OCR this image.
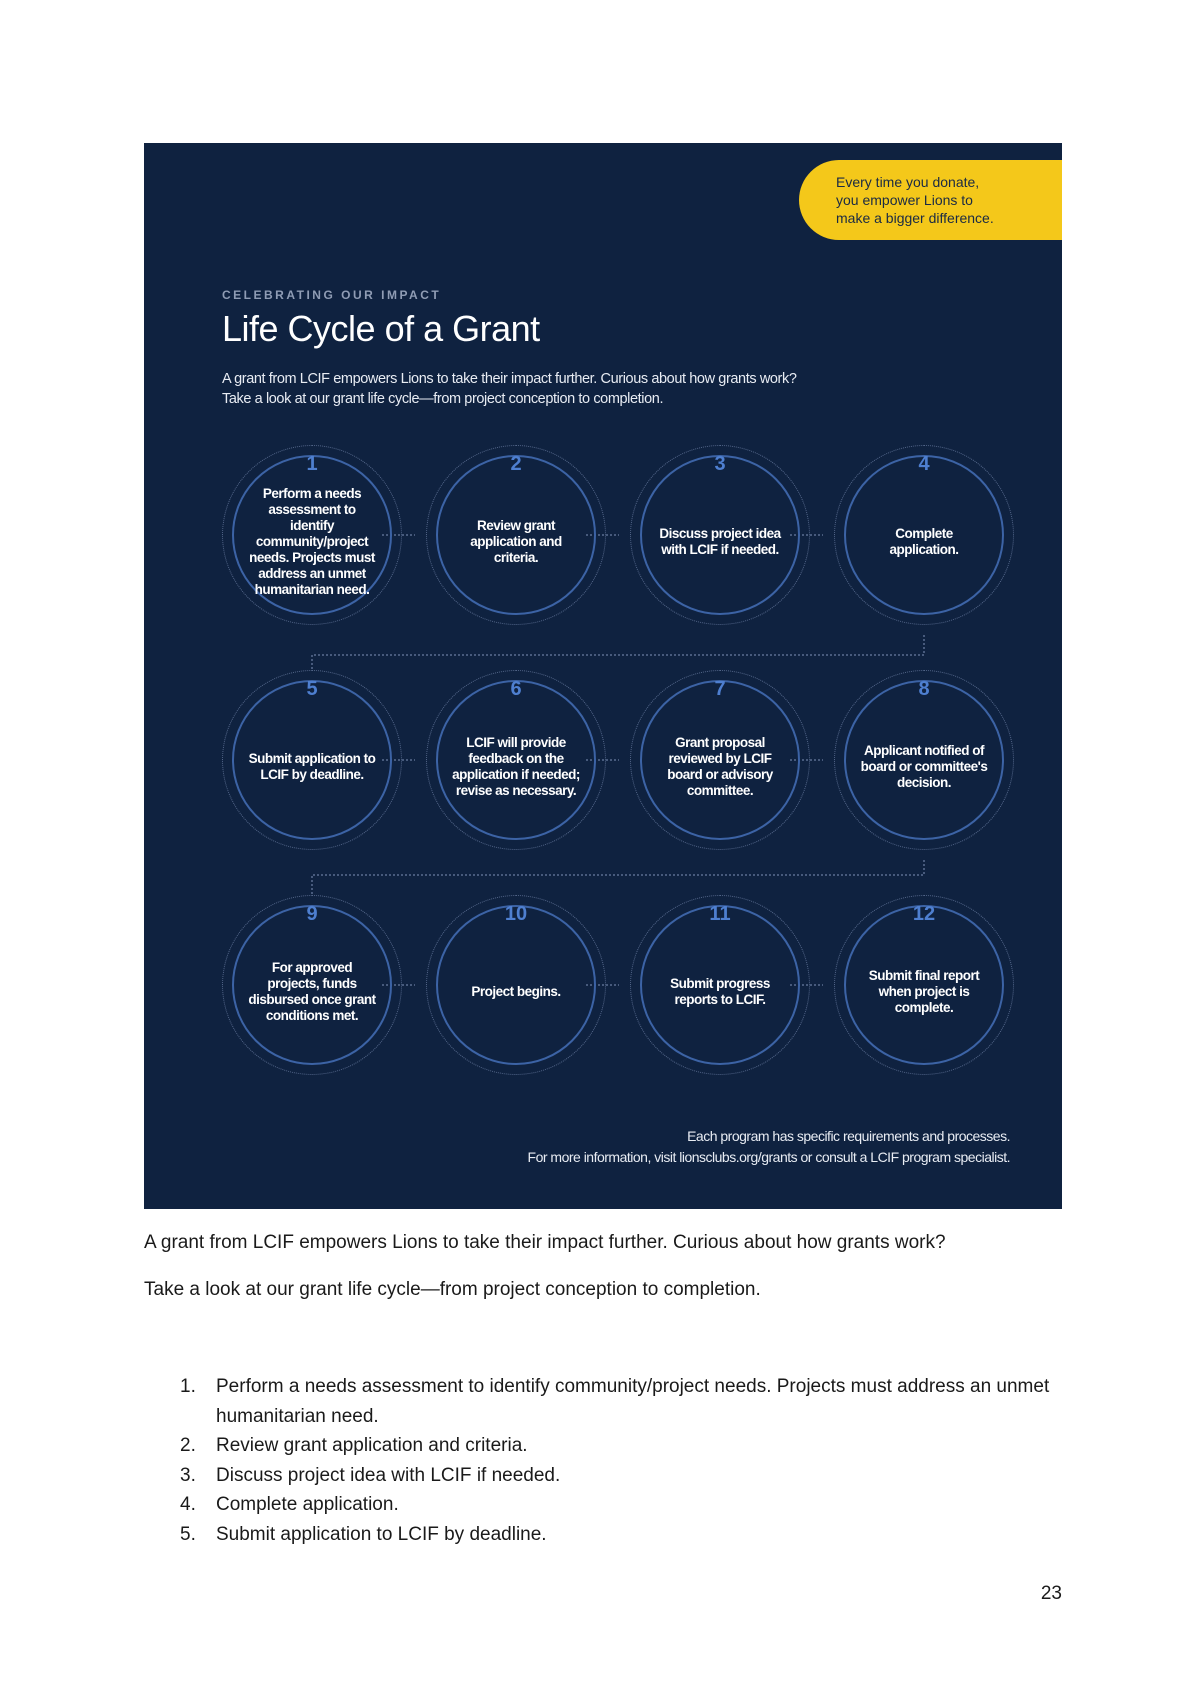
Every time you donate,
you empower Lions to
make a bigger difference.
CELEBRATING OUR IMPACT
Life Cycle of a Grant

A grant from LCIF empowers Lions to take their impact further. Curious about how grants work?
Take a look at our grant life cycle—from project conception to completion.

1
Perform a needs assessment to identify community/project needs. Projects must address an unmet humanitarian need.
2
Review grant application and criteria.
3
Discuss project idea with LCIF if needed.
4
Complete application.
5
Submit application to LCIF by deadline.
6
LCIF will provide feedback on the application if needed; revise as necessary.
7
Grant proposal reviewed by LCIF board or advisory committee.
8
Applicant notified of board or committee's decision.
9
For approved projects, funds disbursed once grant conditions met.
10
Project begins.
11
Submit progress reports to LCIF.
12
Submit final report when project is complete.

Each program has specific requirements and processes.
For more information, visit lionsclubs.org/grants or consult a LCIF program specialist.

A grant from LCIF empowers Lions to take their impact further. Curious about how grants work?

Take a look at our grant life cycle—from project conception to completion.

1.	Perform a needs assessment to identify community/project needs. Projects must address an unmet humanitarian need.
2.	Review grant application and criteria.
3.	Discuss project idea with LCIF if needed.
4.	Complete application.
5.	Submit application to LCIF by deadline.
23
